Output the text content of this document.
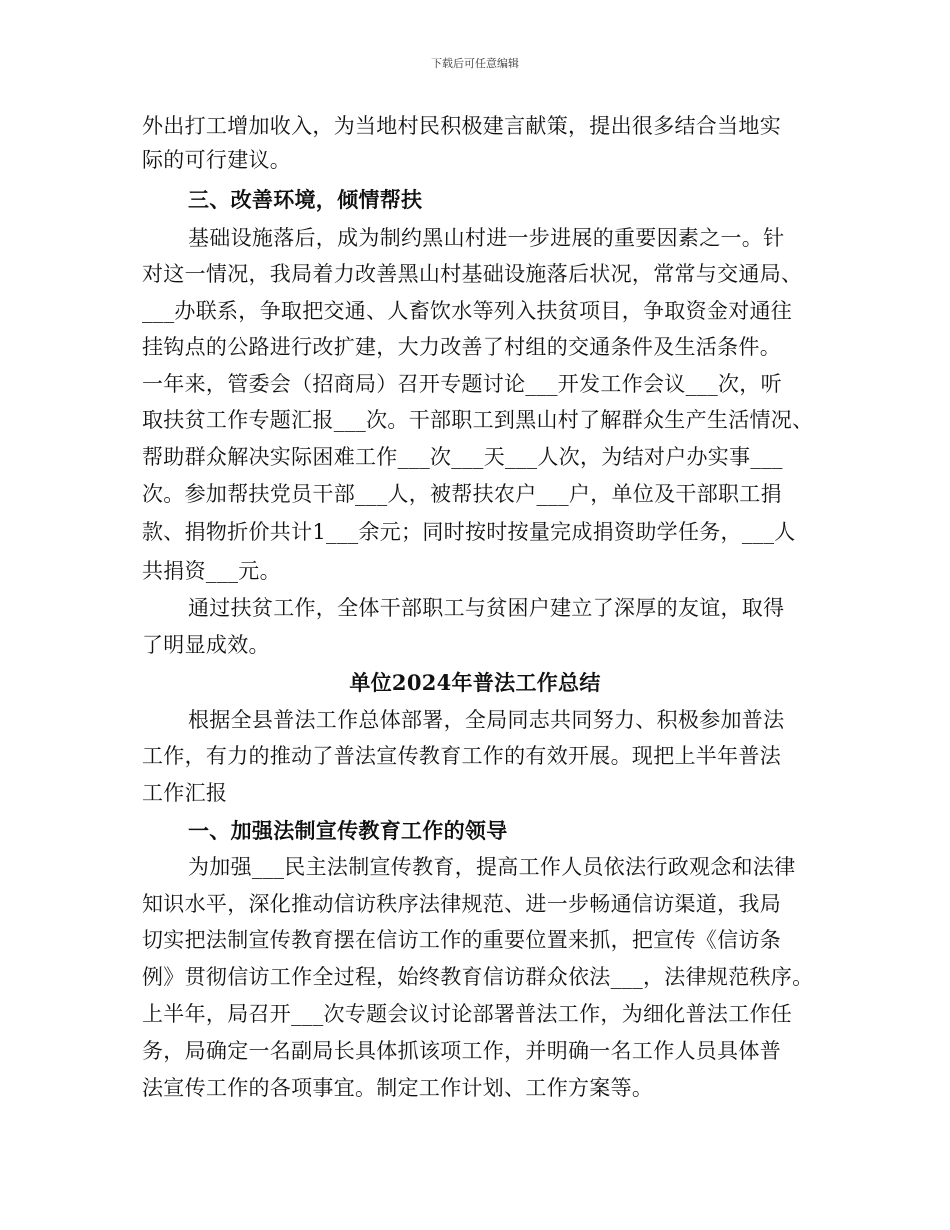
下载后可任意编辑
外出打工增加收入，为当地村民积极建言献策，提出很多结合当地实
际的可行建议。
三、改善环境，倾情帮扶
基础设施落后，成为制约黑山村进一步进展的重要因素之一。针
对这一情况，我局着力改善黑山村基础设施落后状况，常常与交通局、
___办联系，争取把交通、人畜饮水等列入扶贫项目，争取资金对通往
挂钩点的公路进行改扩建，大力改善了村组的交通条件及生活条件。
一年来，管委会（招商局）召开专题讨论___开发工作会议___次，听
取扶贫工作专题汇报___次。干部职工到黑山村了解群众生产生活情况、
帮助群众解决实际困难工作___次___天___人次，为结对户办实事___
次。参加帮扶党员干部___人，被帮扶农户___户，单位及干部职工捐
款、捐物折价共计1___余元；同时按时按量完成捐资助学任务，___人
共捐资___元。
通过扶贫工作，全体干部职工与贫困户建立了深厚的友谊，取得
了明显成效。
单位2024年普法工作总结
根据全县普法工作总体部署，全局同志共同努力、积极参加普法
工作，有力的推动了普法宣传教育工作的有效开展。现把上半年普法
工作汇报
一、加强法制宣传教育工作的领导
为加强___民主法制宣传教育，提高工作人员依法行政观念和法律
知识水平，深化推动信访秩序法律规范、进一步畅通信访渠道，我局
切实把法制宣传教育摆在信访工作的重要位置来抓，把宣传《信访条
例》贯彻信访工作全过程，始终教育信访群众依法___，法律规范秩序。
上半年，局召开___次专题会议讨论部署普法工作，为细化普法工作任
务，局确定一名副局长具体抓该项工作，并明确一名工作人员具体普
法宣传工作的各项事宜。制定工作计划、工作方案等。
